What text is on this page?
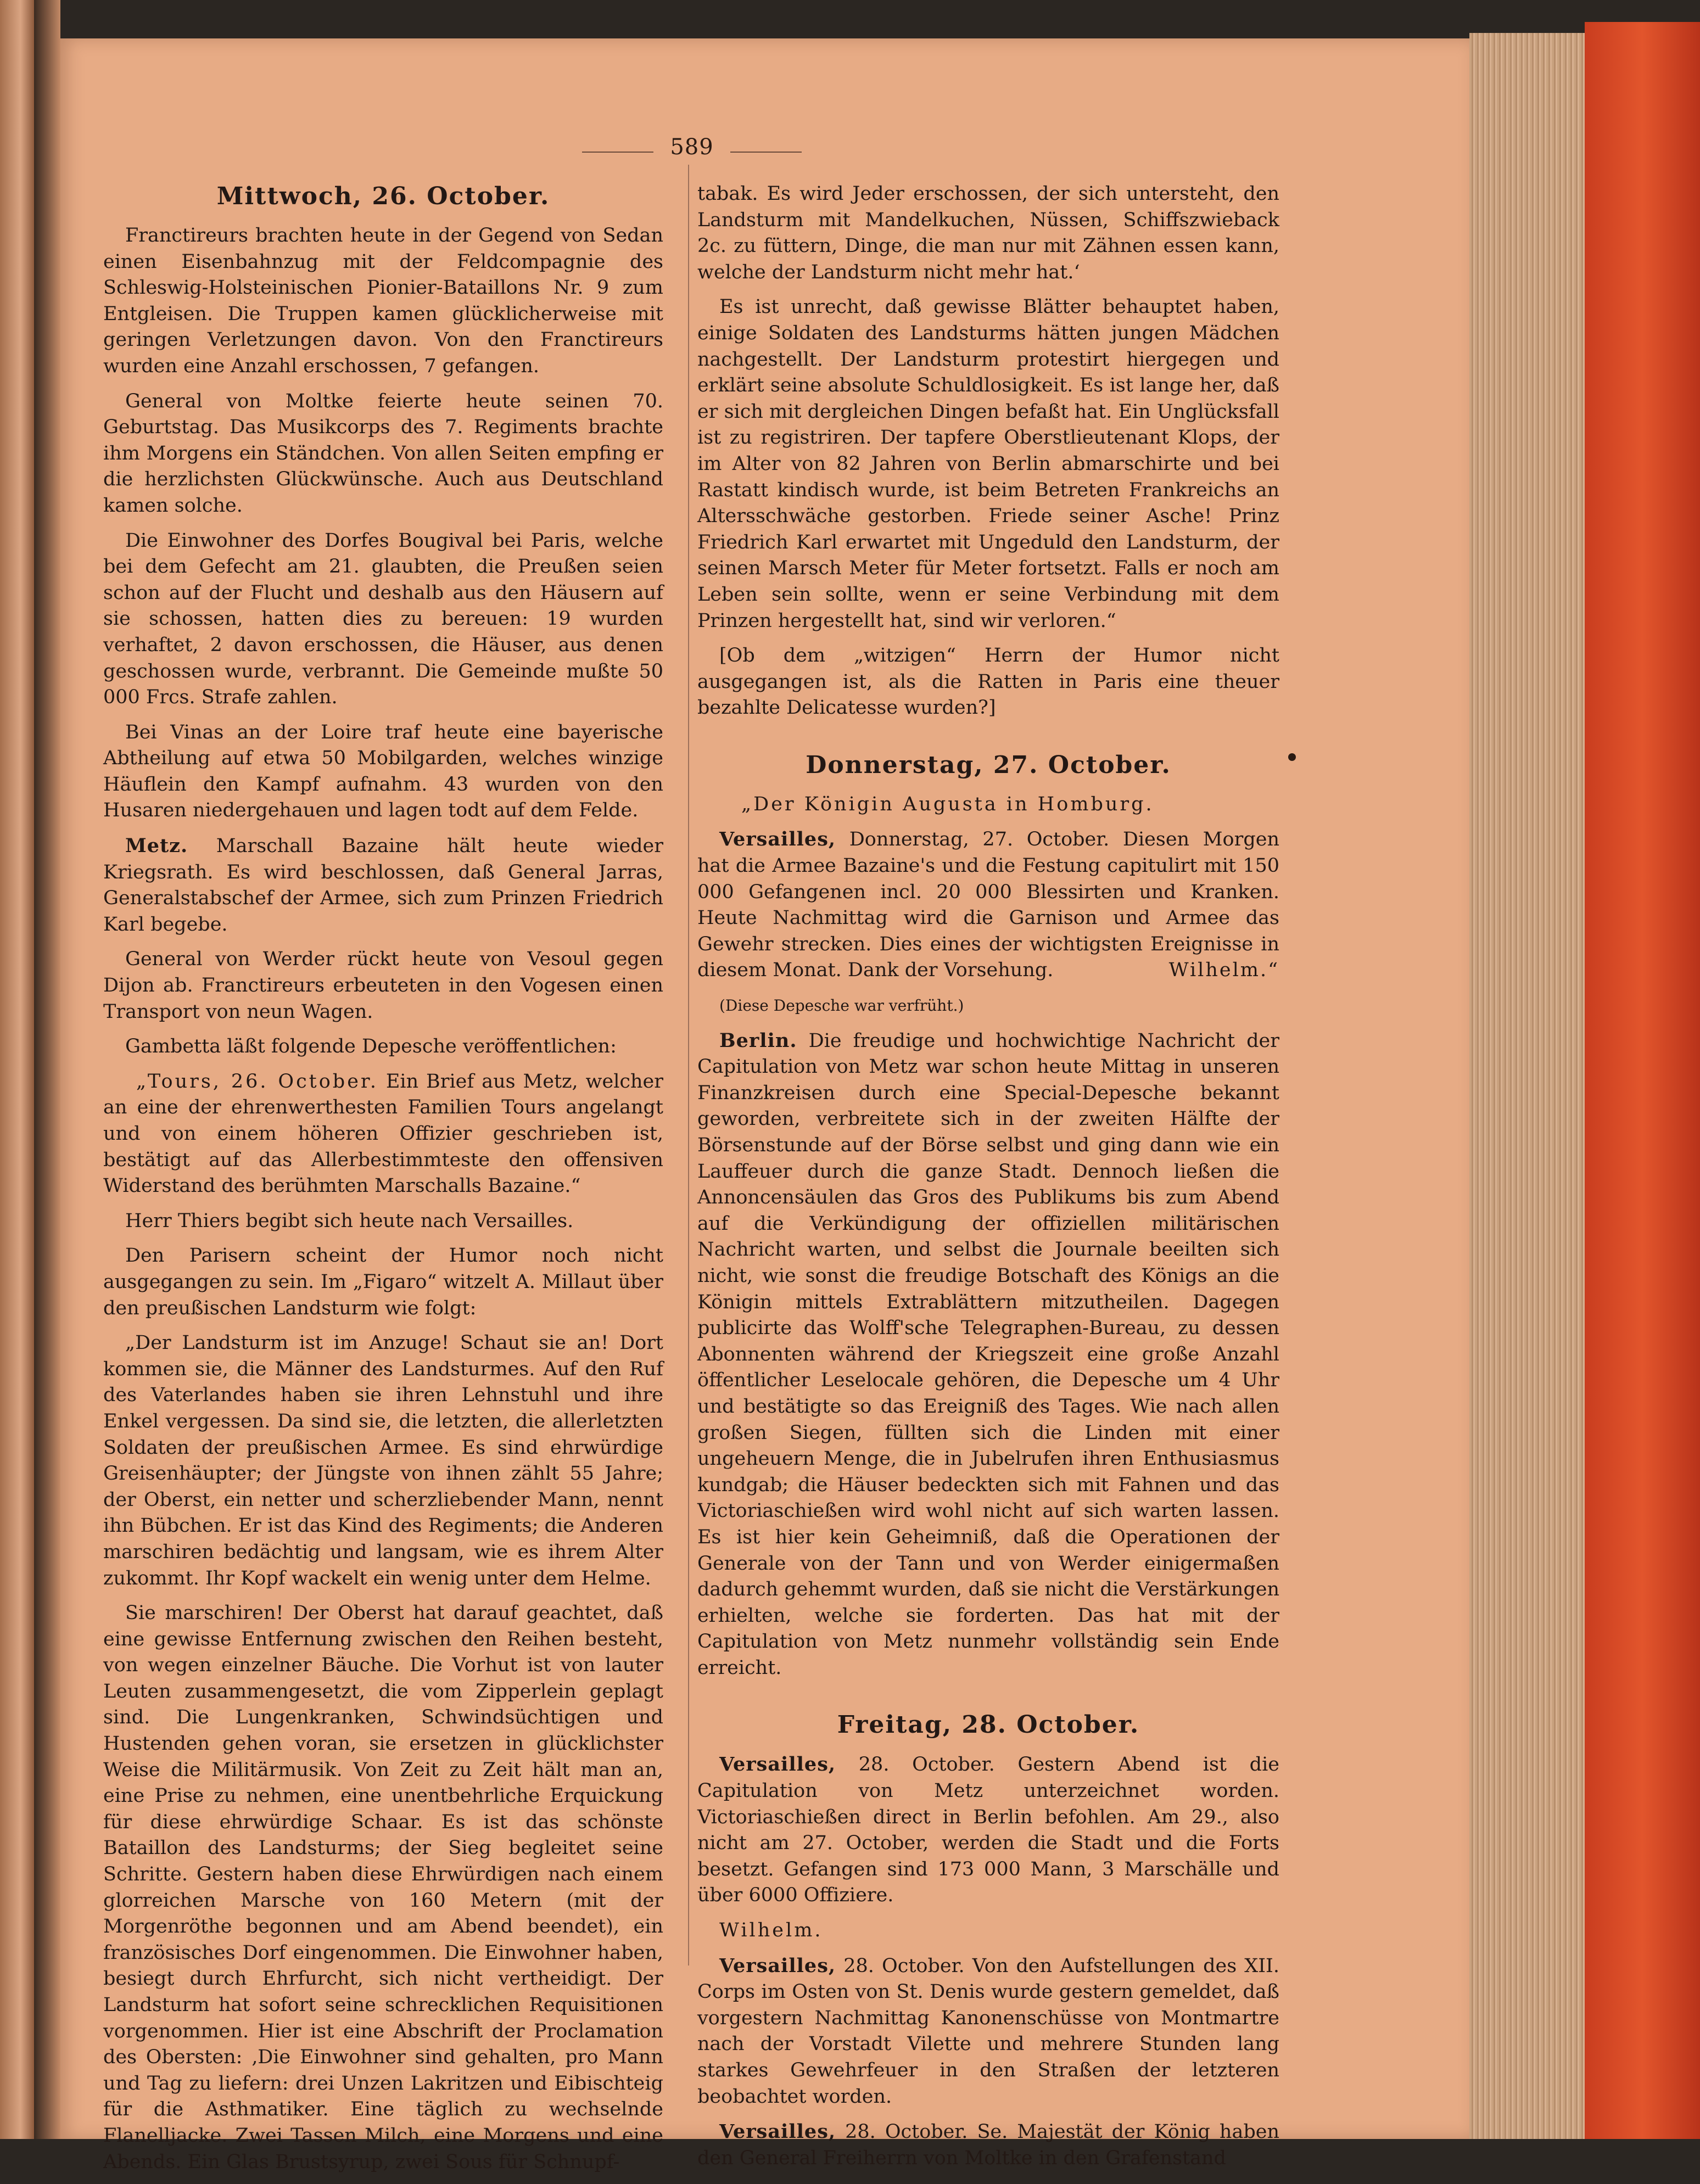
589
Mittwoch, 26. October.

Franctireurs brachten heute in der Gegend von Sedan einen Eisenbahnzug mit der Feldcompagnie des Schleswig-Holsteinischen Pionier-Bataillons Nr. 9 zum Entgleisen. Die Truppen kamen glücklicherweise mit geringen Verletzungen davon. Von den Franctireurs wurden eine Anzahl erschossen, 7 gefangen.

General von Moltke feierte heute seinen 70. Geburtstag. Das Musikcorps des 7. Regiments brachte ihm Morgens ein Ständchen. Von allen Seiten empfing er die herzlichsten Glückwünsche. Auch aus Deutschland kamen solche.

Die Einwohner des Dorfes Bougival bei Paris, welche bei dem Gefecht am 21. glaubten, die Preußen seien schon auf der Flucht und deshalb aus den Häusern auf sie schossen, hatten dies zu bereuen: 19 wurden verhaftet, 2 davon erschossen, die Häuser, aus denen geschossen wurde, verbrannt. Die Gemeinde mußte 50 000 Frcs. Strafe zahlen.

Bei Vinas an der Loire traf heute eine bayerische Abtheilung auf etwa 50 Mobilgarden, welches winzige Häuflein den Kampf aufnahm. 43 wurden von den Husaren niedergehauen und lagen todt auf dem Felde.

Metz. Marschall Bazaine hält heute wieder Kriegsrath. Es wird beschlossen, daß General Jarras, Generalstabschef der Armee, sich zum Prinzen Friedrich Karl begebe.

General von Werder rückt heute von Vesoul gegen Dijon ab. Franctireurs erbeuteten in den Vogesen einen Transport von neun Wagen.

Gambetta läßt folgende Depesche veröffentlichen:

„Tours, 26. October. Ein Brief aus Metz, welcher an eine der ehrenwerthesten Familien Tours angelangt und von einem höheren Offizier geschrieben ist, bestätigt auf das Allerbestimmteste den offensiven Widerstand des berühmten Marschalls Bazaine.“

Herr Thiers begibt sich heute nach Versailles.

Den Parisern scheint der Humor noch nicht ausgegangen zu sein. Im „Figaro“ witzelt A. Millaut über den preußischen Landsturm wie folgt:

„Der Landsturm ist im Anzuge! Schaut sie an! Dort kommen sie, die Männer des Landsturmes. Auf den Ruf des Vaterlandes haben sie ihren Lehnstuhl und ihre Enkel vergessen. Da sind sie, die letzten, die allerletzten Soldaten der preußischen Armee. Es sind ehrwürdige Greisenhäupter; der Jüngste von ihnen zählt 55 Jahre; der Oberst, ein netter und scherzliebender Mann, nennt ihn Bübchen. Er ist das Kind des Regiments; die Anderen marschiren bedächtig und langsam, wie es ihrem Alter zukommt. Ihr Kopf wackelt ein wenig unter dem Helme.

Sie marschiren! Der Oberst hat darauf geachtet, daß eine gewisse Entfernung zwischen den Reihen besteht, von wegen einzelner Bäuche. Die Vorhut ist von lauter Leuten zusammengesetzt, die vom Zipperlein geplagt sind. Die Lungenkranken, Schwindsüchtigen und Hustenden gehen voran, sie ersetzen in glücklichster Weise die Militärmusik. Von Zeit zu Zeit hält man an, eine Prise zu nehmen, eine unentbehrliche Erquickung für diese ehrwürdige Schaar. Es ist das schönste Bataillon des Landsturms; der Sieg begleitet seine Schritte. Gestern haben diese Ehrwürdigen nach einem glorreichen Marsche von 160 Metern (mit der Morgenröthe begonnen und am Abend beendet), ein französisches Dorf eingenommen. Die Einwohner haben, besiegt durch Ehrfurcht, sich nicht vertheidigt. Der Landsturm hat sofort seine schrecklichen Requisitionen vorgenommen. Hier ist eine Abschrift der Proclamation des Obersten: ‚Die Einwohner sind gehalten, pro Mann und Tag zu liefern: drei Unzen Lakritzen und Eibischteig für die Asthmatiker. Eine täglich zu wechselnde Flanelljacke. Zwei Tassen Milch, eine Morgens und eine Abends. Ein Glas Brustsyrup, zwei Sous für Schnupf-

tabak. Es wird Jeder erschossen, der sich untersteht, den Landsturm mit Mandelkuchen, Nüssen, Schiffszwieback 2c. zu füttern, Dinge, die man nur mit Zähnen essen kann, welche der Landsturm nicht mehr hat.‘

Es ist unrecht, daß gewisse Blätter behauptet haben, einige Soldaten des Landsturms hätten jungen Mädchen nachgestellt. Der Landsturm protestirt hiergegen und erklärt seine absolute Schuldlosigkeit. Es ist lange her, daß er sich mit dergleichen Dingen befaßt hat. Ein Unglücksfall ist zu registriren. Der tapfere Oberstlieutenant Klops, der im Alter von 82 Jahren von Berlin abmarschirte und bei Rastatt kindisch wurde, ist beim Betreten Frankreichs an Altersschwäche gestorben. Friede seiner Asche! Prinz Friedrich Karl erwartet mit Ungeduld den Landsturm, der seinen Marsch Meter für Meter fortsetzt. Falls er noch am Leben sein sollte, wenn er seine Verbindung mit dem Prinzen hergestellt hat, sind wir verloren.“

[Ob dem „witzigen“ Herrn der Humor nicht ausgegangen ist, als die Ratten in Paris eine theuer bezahlte Delicatesse wurden?]

Donnerstag, 27. October.

„Der Königin Augusta in Homburg.

Versailles, Donnerstag, 27. October. Diesen Morgen hat die Armee Bazaine's und die Festung capitulirt mit 150 000 Gefangenen incl. 20 000 Blessirten und Kranken. Heute Nachmittag wird die Garnison und Armee das Gewehr strecken. Dies eines der wichtigsten Ereignisse in diesem Monat. Dank der Vorsehung.	Wilhelm.“

(Diese Depesche war verfrüht.)

Berlin. Die freudige und hochwichtige Nachricht der Capitulation von Metz war schon heute Mittag in unseren Finanzkreisen durch eine Special-Depesche bekannt geworden, verbreitete sich in der zweiten Hälfte der Börsenstunde auf der Börse selbst und ging dann wie ein Lauffeuer durch die ganze Stadt. Dennoch ließen die Annoncensäulen das Gros des Publikums bis zum Abend auf die Verkündigung der offiziellen militärischen Nachricht warten, und selbst die Journale beeilten sich nicht, wie sonst die freudige Botschaft des Königs an die Königin mittels Extrablättern mitzutheilen. Dagegen publicirte das Wolff'sche Telegraphen-Bureau, zu dessen Abonnenten während der Kriegszeit eine große Anzahl öffentlicher Leselocale gehören, die Depesche um 4 Uhr und bestätigte so das Ereigniß des Tages. Wie nach allen großen Siegen, füllten sich die Linden mit einer ungeheuern Menge, die in Jubelrufen ihren Enthusiasmus kundgab; die Häuser bedeckten sich mit Fahnen und das Victoriaschießen wird wohl nicht auf sich warten lassen. Es ist hier kein Geheimniß, daß die Operationen der Generale von der Tann und von Werder einigermaßen dadurch gehemmt wurden, daß sie nicht die Verstärkungen erhielten, welche sie forderten. Das hat mit der Capitulation von Metz nunmehr vollständig sein Ende erreicht.

Freitag, 28. October.

Versailles, 28. October. Gestern Abend ist die Capitulation von Metz unterzeichnet worden. Victoriaschießen direct in Berlin befohlen. Am 29., also nicht am 27. October, werden die Stadt und die Forts besetzt. Gefangen sind 173 000 Mann, 3 Marschälle und über 6000 Offiziere.

Wilhelm.

Versailles, 28. October. Von den Aufstellungen des XII. Corps im Osten von St. Denis wurde gestern gemeldet, daß vorgestern Nachmittag Kanonenschüsse von Montmartre nach der Vorstadt Vilette und mehrere Stunden lang starkes Gewehrfeuer in den Straßen der letzteren beobachtet worden.

Versailles, 28. October. Se. Majestät der König haben den General Freiherrn von Moltke in den Grafenstand
